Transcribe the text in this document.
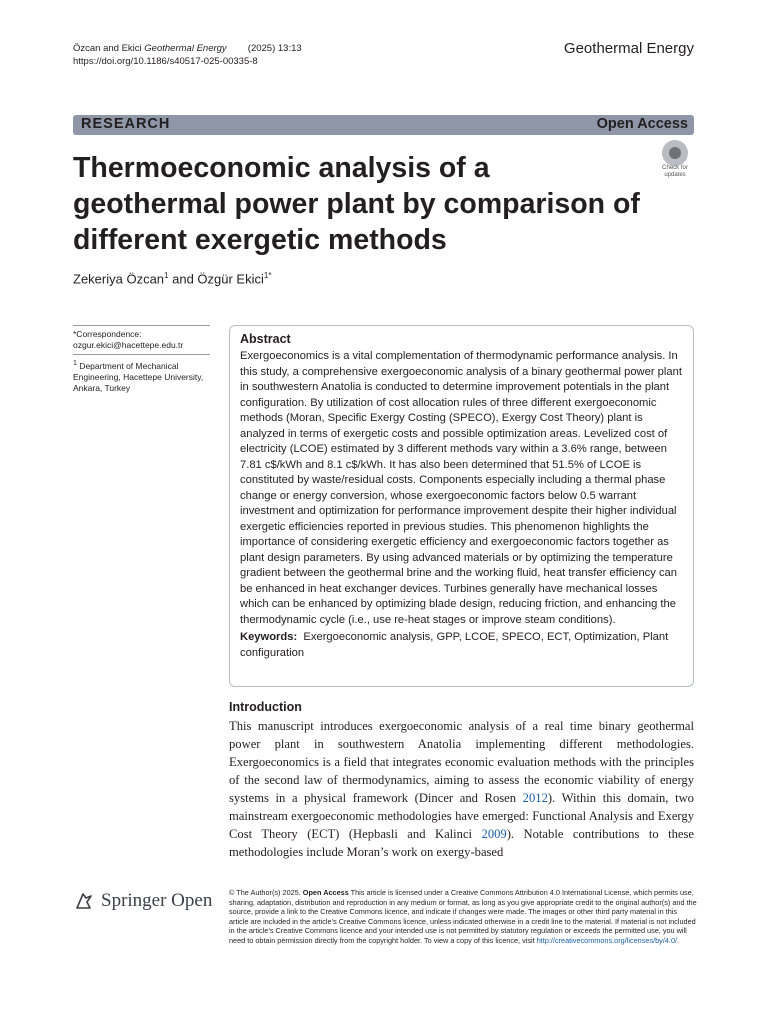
Özcan and Ekici Geothermal Energy (2025) 13:13
https://doi.org/10.1186/s40517-025-00335-8
Geothermal Energy
RESEARCH	Open Access
Thermoeconomic analysis of a geothermal power plant by comparison of different exergetic methods
Check for
updates
Zekeriya Özcan$^1$ and Özgür Ekici$^{1*}$
*Correspondence:
ozgur.ekici@hacettepe.edu.tr
$^1$ Department of Mechanical Engineering, Hacettepe University, Ankara, Turkey
Abstract

Exergoeconomics is a vital complementation of thermodynamic performance analysis. In this study, a comprehensive exergoeconomic analysis of a binary geothermal power plant in southwestern Anatolia is conducted to determine improvement potentials in the plant configuration. By utilization of cost allocation rules of three different exergoeconomic methods (Moran, Specific Exergy Costing (SPECO), Exergy Cost Theory) plant is analyzed in terms of exergetic costs and possible optimization areas. Levelized cost of electricity (LCOE) estimated by 3 different methods vary within a 3.6% range, between 7.81 c$/kWh and 8.1 c$/kWh. It has also been determined that 51.5% of LCOE is constituted by waste/residual costs. Components especially including a thermal phase change or energy conversion, whose exergoeconomic factors below 0.5 warrant investment and optimization for performance improvement despite their higher individual exergetic efficiencies reported in previous studies. This phenomenon highlights the importance of considering exergetic efficiency and exergoeconomic factors together as plant design parameters. By using advanced materials or by optimizing the temperature gradient between the geothermal brine and the working fluid, heat transfer efficiency can be enhanced in heat exchanger devices. Turbines generally have mechanical losses which can be enhanced by optimizing blade design, reducing friction, and enhancing the thermodynamic cycle (i.e., use re-heat stages or improve steam conditions).

Keywords: Exergoeconomic analysis, GPP, LCOE, SPECO, ECT, Optimization, Plant configuration

Introduction

This manuscript introduces exergoeconomic analysis of a real time binary geothermal power plant in southwestern Anatolia implementing different methodologies. Exergoeconomics is a field that integrates economic evaluation methods with the principles of the second law of thermodynamics, aiming to assess the economic viability of energy systems in a physical framework (Dincer and Rosen 2012). Within this domain, two mainstream exergoeconomic methodologies have emerged: Functional Analysis and Exergy Cost Theory (ECT) (Hepbasli and Kalinci 2009). Notable contributions to these methodologies include Moran’s work on exergy-based

Springer Open © The Author(s) 2025. Open Access This article is licensed under a Creative Commons Attribution 4.0 International License, which permits use, sharing, adaptation, distribution and reproduction in any medium or format, as long as you give appropriate credit to the original author(s) and the source, provide a link to the Creative Commons licence, and indicate if changes were made. The images or other third party material in this article are included in the article’s Creative Commons licence, unless indicated otherwise in a credit line to the material. If material is not included in the article’s Creative Commons licence and your intended use is not permitted by statutory regulation or exceeds the permitted use, you will need to obtain permission directly from the copyright holder. To view a copy of this licence, visit http://creativecommons.org/licenses/by/4.0/.
